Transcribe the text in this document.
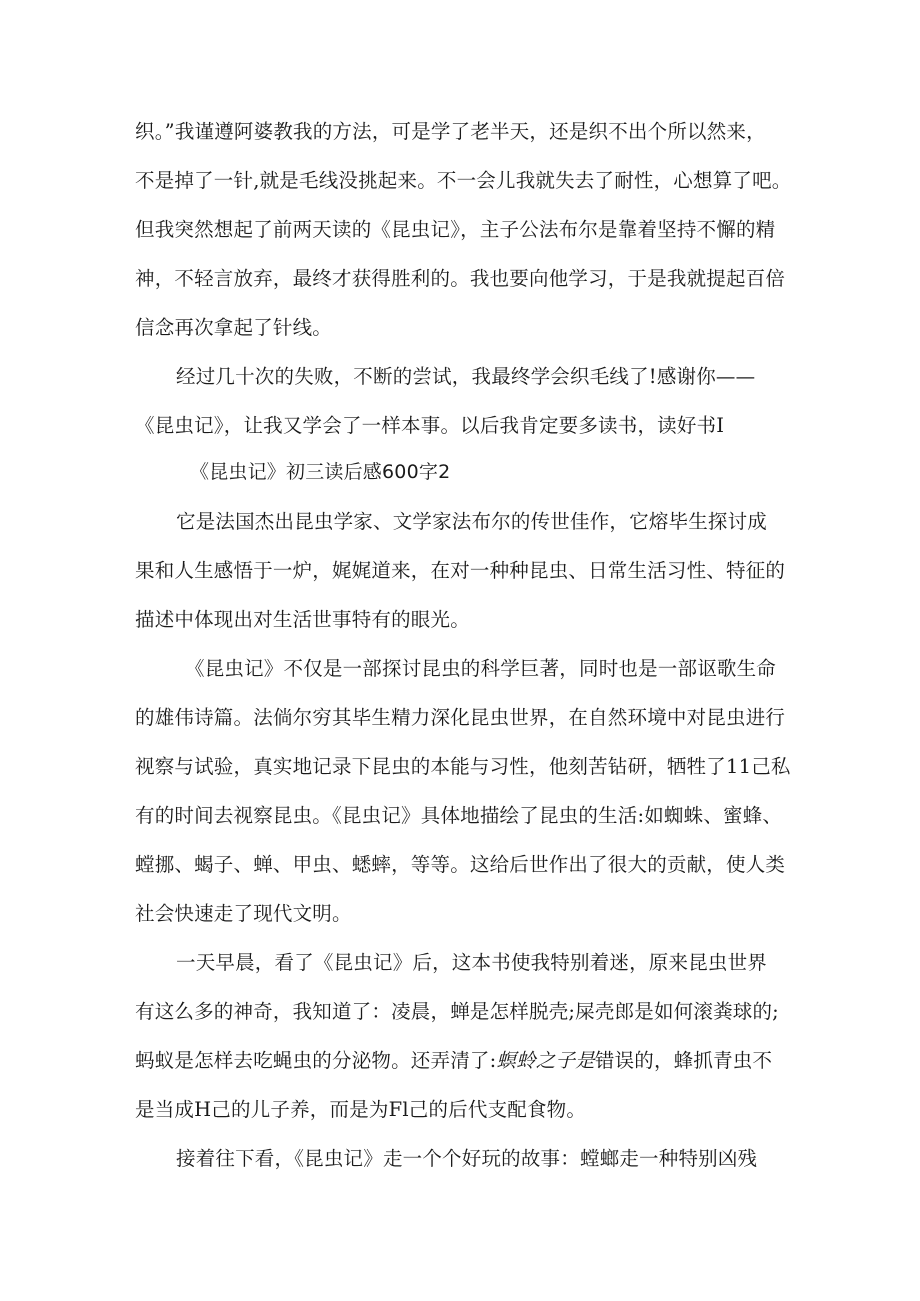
织。”我谨遵阿婆教我的方法，可是学了老半天，还是织不出个所以然来，
不是掉了一针,就是毛线没挑起来。不一会儿我就失去了耐性，心想算了吧。
但我突然想起了前两天读的《昆虫记》，主子公法布尔是靠着坚持不懈的精
神，不轻言放弃，最终才获得胜利的。我也要向他学习，于是我就提起百倍
信念再次拿起了针线。
经过几十次的失败，不断的尝试，我最终学会织毛线了!感谢你——
《昆虫记》，让我又学会了一样本事。以后我肯定要多读书，读好书I
《昆虫记》初三读后感600字2
它是法国杰出昆虫学家、文学家法布尔的传世佳作，它熔毕生探讨成
果和人生感悟于一炉，娓娓道来，在对一种种昆虫、日常生活习性、特征的
描述中体现出对生活世事特有的眼光。
《昆虫记》不仅是一部探讨昆虫的科学巨著，同时也是一部讴歌生命
的雄伟诗篇。法倘尔穷其毕生精力深化昆虫世界，在自然环境中对昆虫进行
视察与试验，真实地记录下昆虫的本能与习性，他刻苦钻研，牺牲了11己私
有的时间去视察昆虫。《昆虫记》具体地描绘了昆虫的生活:如蜘蛛、蜜蜂、
螳挪、蝎子、蝉、甲虫、蟋蟀，等等。这给后世作出了很大的贡献，使人类
社会快速走了现代文明。
一天早晨，看了《昆虫记》后，这本书使我特别着迷，原来昆虫世界
有这么多的神奇，我知道了：凌晨，蝉是怎样脱壳;屎壳郎是如何滚粪球的;
蚂蚁是怎样去吃蝇虫的分泌物。还弄清了:螟蛉之子是错误的，蜂抓青虫不
是当成H己的儿子养，而是为Fl己的后代支配食物。
接着往下看，《昆虫记》走一个个好玩的故事：螳螂走一种特别凶残
